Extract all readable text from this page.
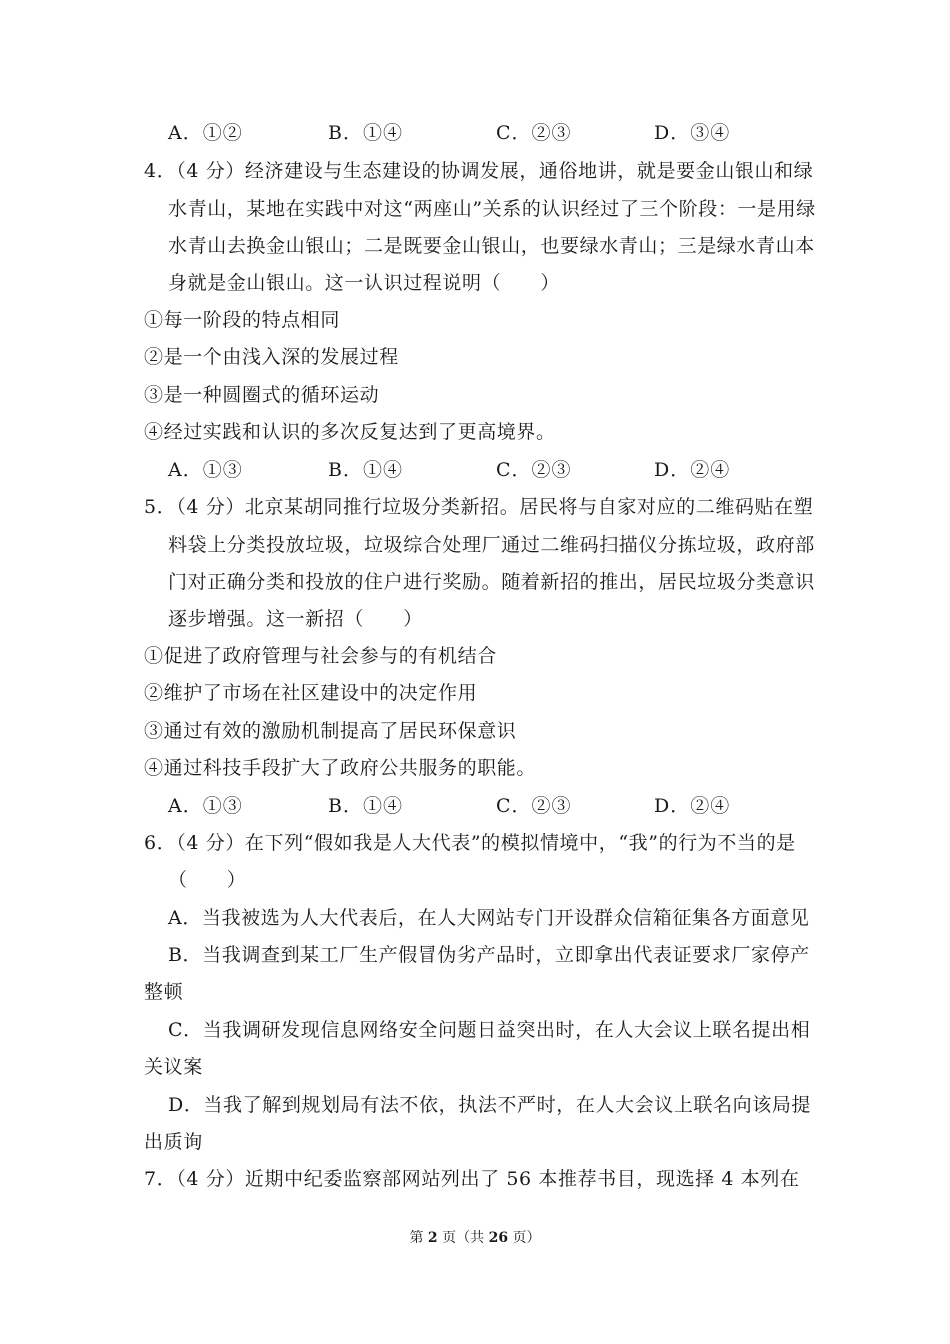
A．①②	B．①④	C．②③	D．③④
4．（4 分）经济建设与生态建设的协调发展，通俗地讲，就是要金山银山和绿
水青山，某地在实践中对这“两座山”关系的认识经过了三个阶段：一是用绿
水青山去换金山银山；二是既要金山银山，也要绿水青山；三是绿水青山本
身就是金山银山。这一认识过程说明（　　）
①每一阶段的特点相同
②是一个由浅入深的发展过程
③是一种圆圈式的循环运动
④经过实践和认识的多次反复达到了更高境界。
A．①③	B．①④	C．②③	D．②④
5．（4 分）北京某胡同推行垃圾分类新招。居民将与自家对应的二维码贴在塑
料袋上分类投放垃圾，垃圾综合处理厂通过二维码扫描仪分拣垃圾，政府部
门对正确分类和投放的住户进行奖励。随着新招的推出，居民垃圾分类意识
逐步增强。这一新招（　　）
①促进了政府管理与社会参与的有机结合
②维护了市场在社区建设中的决定作用
③通过有效的激励机制提高了居民环保意识
④通过科技手段扩大了政府公共服务的职能。
A．①③	B．①④	C．②③	D．②④
6．（4 分）在下列“假如我是人大代表”的模拟情境中，“我”的行为不当的是
（　　）
A．当我被选为人大代表后，在人大网站专门开设群众信箱征集各方面意见
B．当我调查到某工厂生产假冒伪劣产品时，立即拿出代表证要求厂家停产
整顿
C．当我调研发现信息网络安全问题日益突出时，在人大会议上联名提出相
关议案
D．当我了解到规划局有法不依，执法不严时，在人大会议上联名向该局提
出质询
7．（4 分）近期中纪委监察部网站列出了 56 本推荐书目，现选择 4 本列在
第 2 页（共 26 页）
